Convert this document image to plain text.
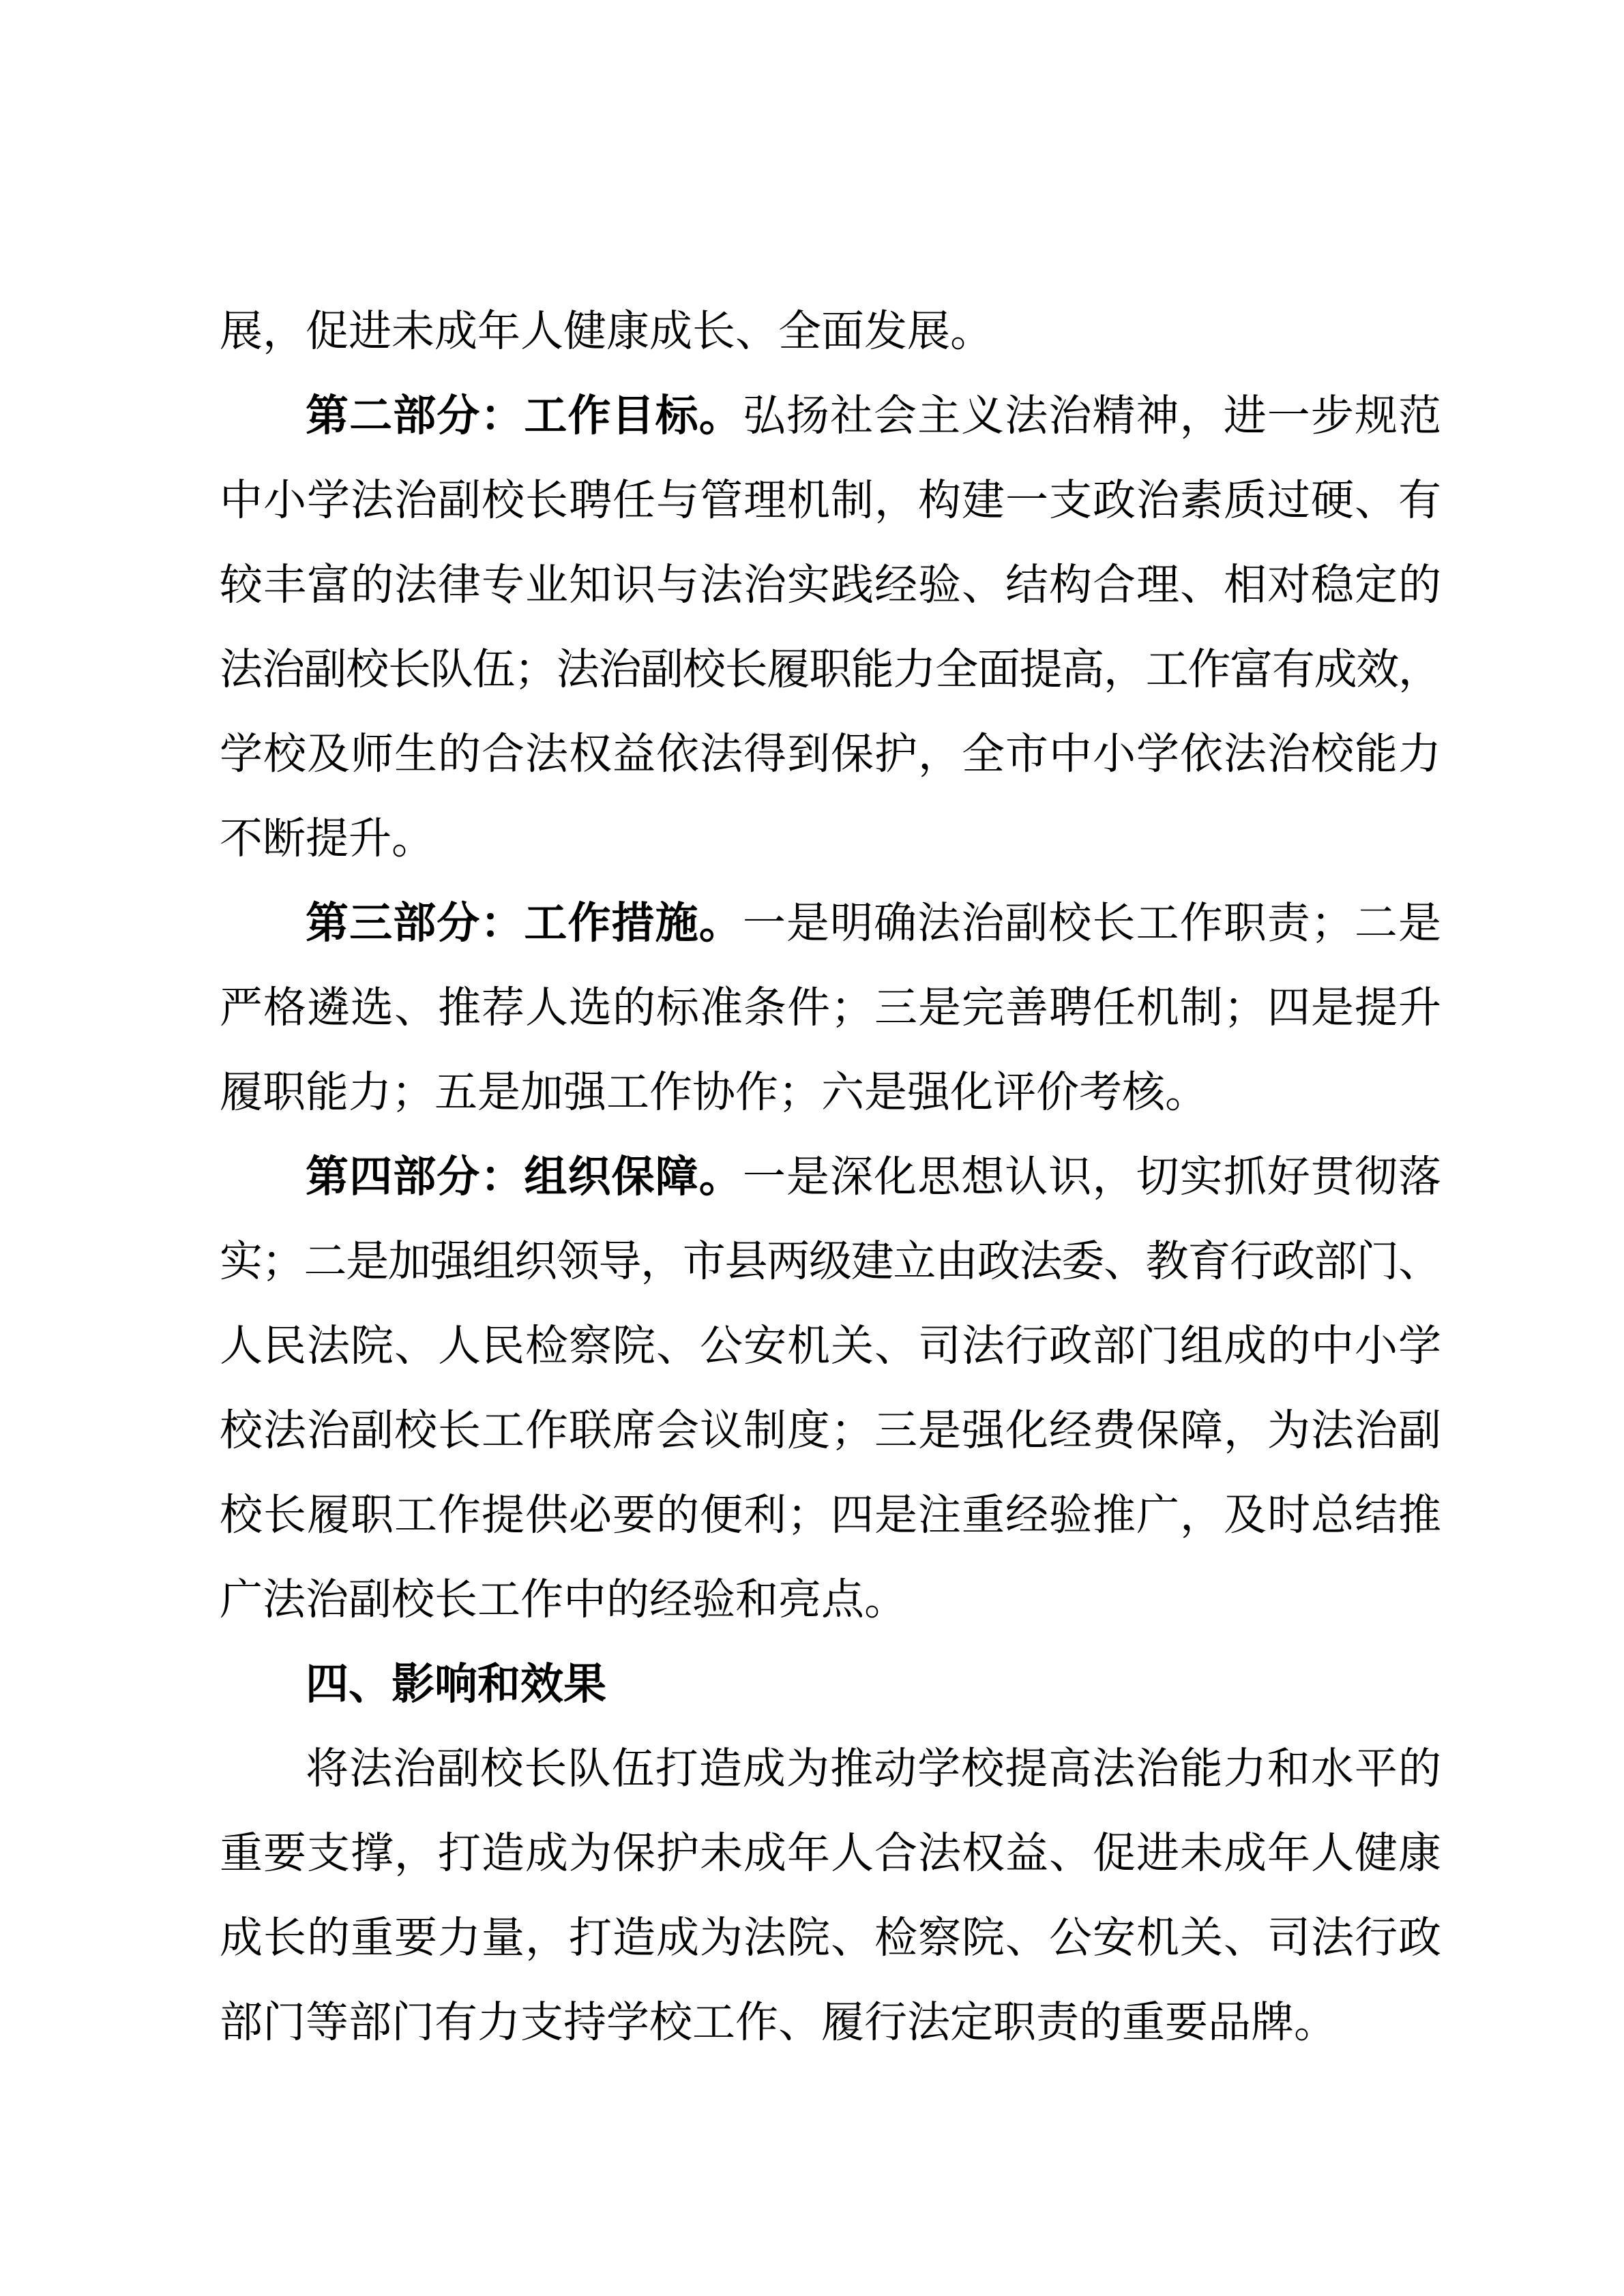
展，促进未成年人健康成长、全面发展。
第二部分：工作目标。弘扬社会主义法治精神，进一步规范
中小学法治副校长聘任与管理机制，构建一支政治素质过硬、有
较丰富的法律专业知识与法治实践经验、结构合理、相对稳定的
法治副校长队伍；法治副校长履职能力全面提高，工作富有成效，
学校及师生的合法权益依法得到保护，全市中小学依法治校能力
不断提升。
第三部分：工作措施。一是明确法治副校长工作职责；二是
严格遴选、推荐人选的标准条件；三是完善聘任机制；四是提升
履职能力；五是加强工作协作；六是强化评价考核。
第四部分：组织保障。一是深化思想认识，切实抓好贯彻落
实；二是加强组织领导，市县两级建立由政法委、教育行政部门、
人民法院、人民检察院、公安机关、司法行政部门组成的中小学
校法治副校长工作联席会议制度；三是强化经费保障，为法治副
校长履职工作提供必要的便利；四是注重经验推广，及时总结推
广法治副校长工作中的经验和亮点。
四、影响和效果
将法治副校长队伍打造成为推动学校提高法治能力和水平的
重要支撑，打造成为保护未成年人合法权益、促进未成年人健康
成长的重要力量，打造成为法院、检察院、公安机关、司法行政
部门等部门有力支持学校工作、履行法定职责的重要品牌。
